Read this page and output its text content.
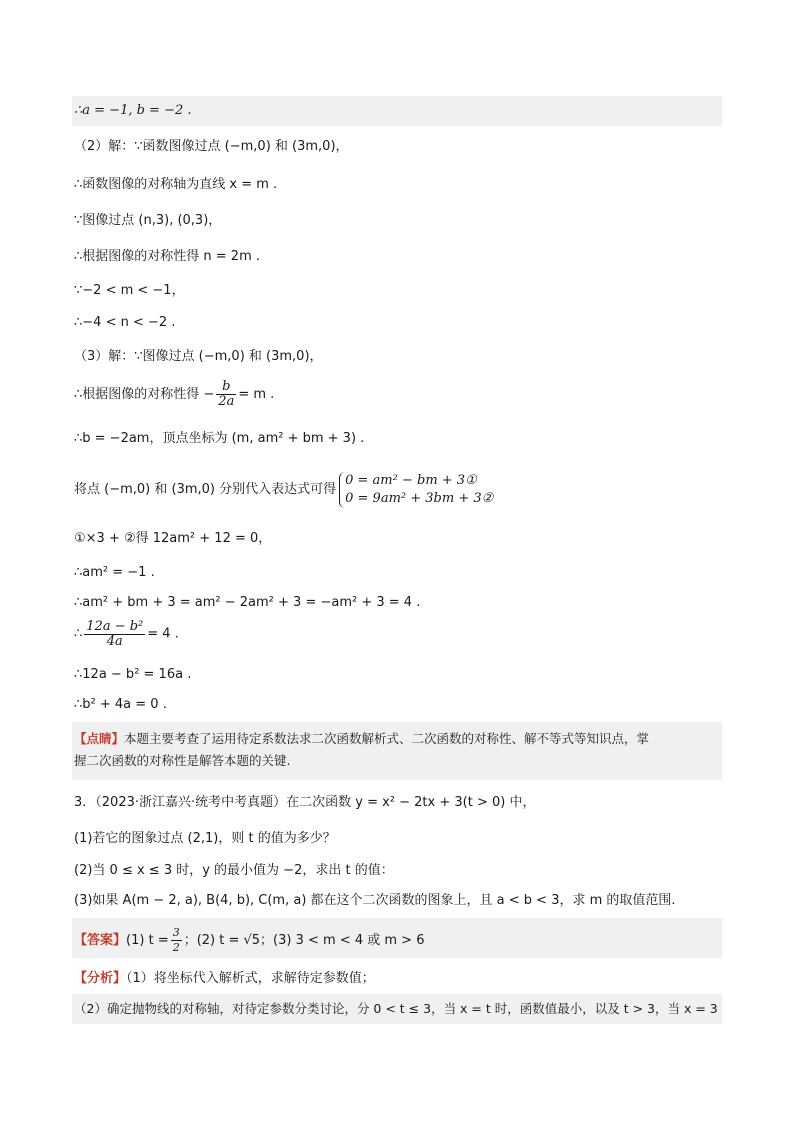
∴a = −1, b = −2 .
（2）解：∵函数图像过点 (−m,0) 和 (3m,0)，
∴函数图像的对称轴为直线 x = m .
∵图像过点 (n,3), (0,3)，
∴根据图像的对称性得 n = 2m .
∵−2 < m < −1，
∴−4 < n < −2 .
（3）解：∵图像过点 (−m,0) 和 (3m,0)，
∴根据图像的对称性得 − $\frac{b}{2a} = m$ .
∴b = −2am，顶点坐标为 (m, am² + bm + 3) .
将点 (−m,0) 和 (3m,0) 分别代入表达式可得
0 = am² − bm + 3①
0 = 9am² + 3bm + 3②
①×3 + ②得 12am² + 12 = 0，
∴am² = −1 .
∴am² + bm + 3 = am² − 2am² + 3 = −am² + 3 = 4 .
∴ $\frac{\text{12a − b²}}{4a} = 4$ .
∴12a − b² = 16a .
∴b² + 4a = 0 .
【点睛】本题主要考查了运用待定系数法求二次函数解析式、二次函数的对称性、解不等式等知识点，掌
握二次函数的对称性是解答本题的关键.
3．（2023·浙江嘉兴·统考中考真题）在二次函数 y = x² − 2tx + 3(t > 0) 中，
(1)若它的图象过点 (2,1)，则 t 的值为多少？
(2)当 0 ≤ x ≤ 3 时，y 的最小值为 −2，求出 t 的值：
(3)如果 A(m − 2, a), B(4, b), C(m, a) 都在这个二次函数的图象上，且 a < b < 3，求 m 的取值范围.
【答案】(1) $t = \frac{3}{2}$ ；(2) t = √5；(3) 3 < m < 4 或 m > 6
【分析】（1）将坐标代入解析式，求解待定参数值；
（2）确定抛物线的对称轴，对待定参数分类讨论，分 0 < t ≤ 3，当 x = t 时，函数值最小，以及 t > 3，当 x = 3
